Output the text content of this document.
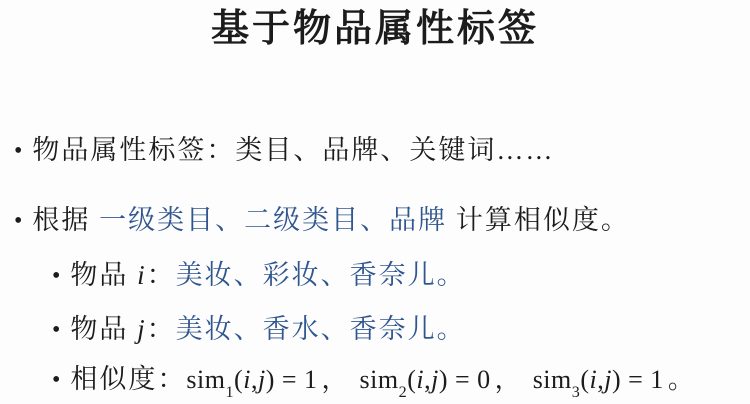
基于物品属性标签
• 物品属性标签：类目、品牌、关键词……
• 根据 一级类目、二级类目、品牌 计算相似度。
• 物品 i：美妆、彩妆、香奈儿。
• 物品 j：美妆、香水、香奈儿。
• 相似度：sim$_1$(i,j) = 1 ， sim$_2$(i,j) = 0 ， sim$_3$(i,j) = 1 。
